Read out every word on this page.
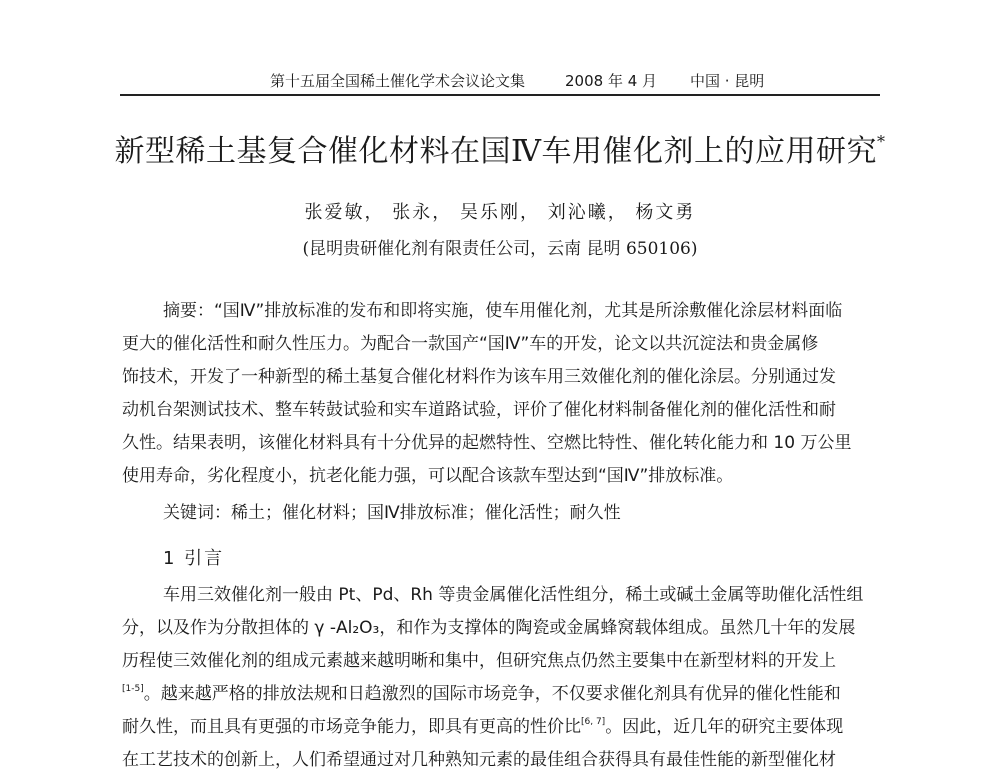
第十五届全国稀土催化学术会议论文集	2008 年 4 月 中国 · 昆明
新型稀土基复合催化材料在国Ⅳ车用催化剂上的应用研究*
张爱敏， 张永， 吴乐刚， 刘沁曦， 杨文勇
(昆明贵研催化剂有限责任公司，云南 昆明 650106)
摘要：“国Ⅳ”排放标准的发布和即将实施，使车用催化剂，尤其是所涂敷催化涂层材料面临
更大的催化活性和耐久性压力。为配合一款国产“国Ⅳ”车的开发，论文以共沉淀法和贵金属修
饰技术，开发了一种新型的稀土基复合催化材料作为该车用三效催化剂的催化涂层。分别通过发
动机台架测试技术、整车转鼓试验和实车道路试验，评价了催化材料制备催化剂的催化活性和耐
久性。结果表明，该催化材料具有十分优异的起燃特性、空燃比特性、催化转化能力和 10 万公里
使用寿命，劣化程度小，抗老化能力强，可以配合该款车型达到“国Ⅳ”排放标准。
关键词：稀土；催化材料；国Ⅳ排放标准；催化活性；耐久性
1 引言
车用三效催化剂一般由 Pt、Pd、Rh 等贵金属催化活性组分，稀土或碱土金属等助催化活性组
分，以及作为分散担体的 γ -Al₂O₃，和作为支撑体的陶瓷或金属蜂窝载体组成。虽然几十年的发展
历程使三效催化剂的组成元素越来越明晰和集中，但研究焦点仍然主要集中在新型材料的开发上
[1-5]。越来越严格的排放法规和日趋激烈的国际市场竞争，不仅要求催化剂具有优异的催化性能和
耐久性，而且具有更强的市场竞争能力，即具有更高的性价比[6, 7]。因此，近几年的研究主要体现
在工艺技术的创新上，人们希望通过对几种熟知元素的最佳组合获得具有最佳性能的新型催化材
